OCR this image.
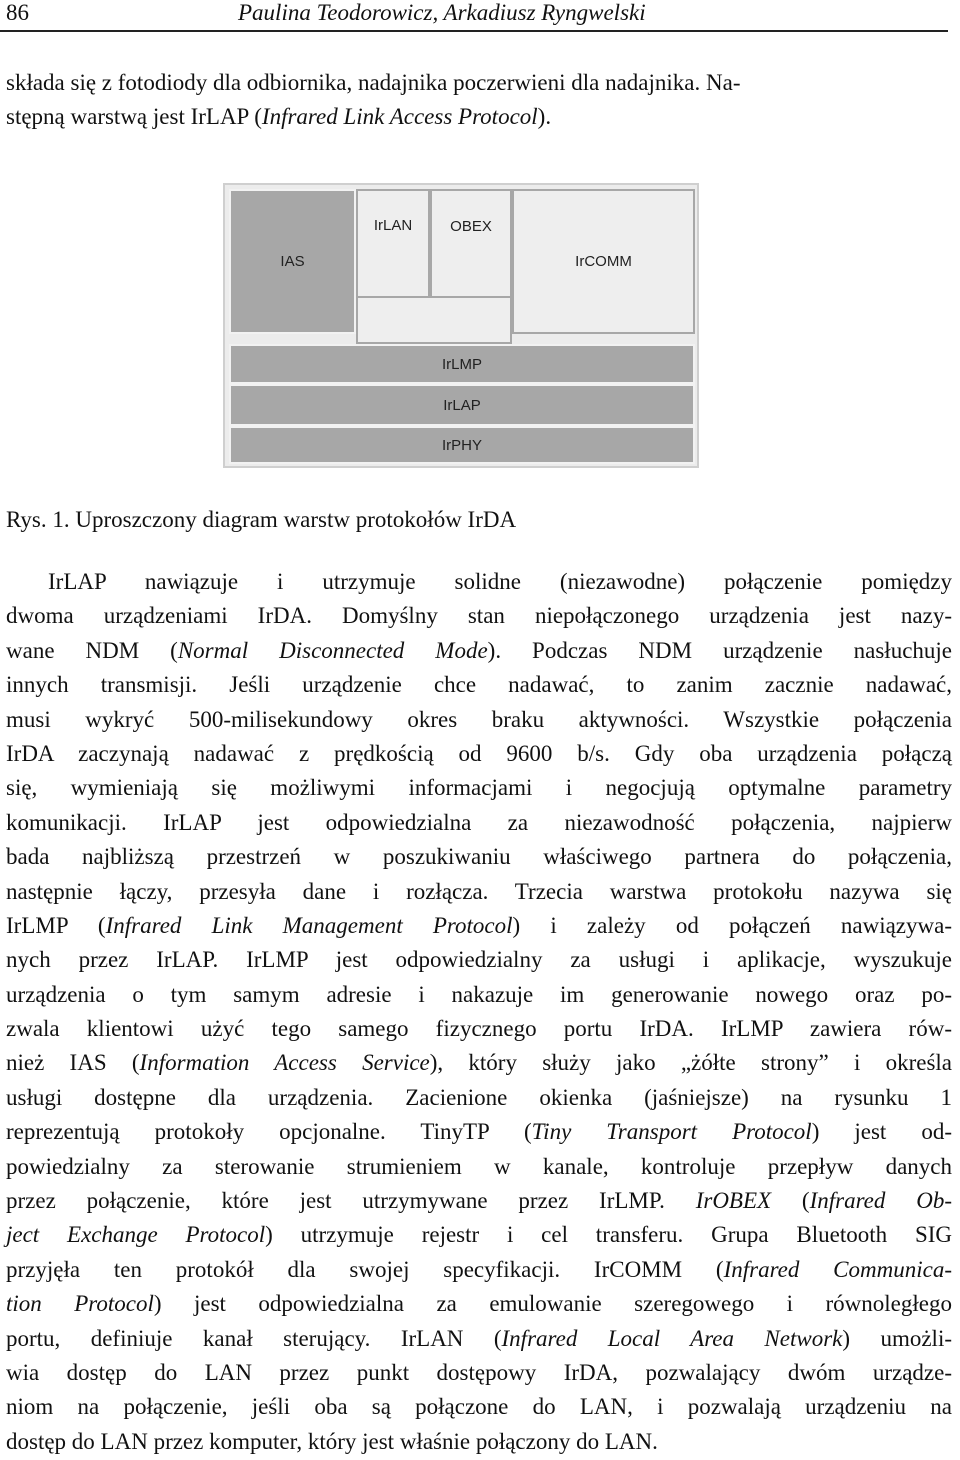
86	Paulina Teodorowicz, Arkadiusz Ryngwelski
składa się z fotodiody dla odbiornika, nadajnika poczerwieni dla nadajnika. Na-
stępną warstwą jest IrLAP (Infrared Link Access Protocol).
IAS
IrLAN	OBEX
IrCOMM
IrLMP
IrLAP
IrPHY
Rys. 1. Uproszczony diagram warstw protokołów IrDA
IrLAP nawiązuje i utrzymuje solidne (niezawodne) połączenie pomiędzy
dwoma urządzeniami IrDA. Domyślny stan niepołączonego urządzenia jest nazy-
wane NDM (Normal Disconnected Mode). Podczas NDM urządzenie nasłuchuje
innych transmisji. Jeśli urządzenie chce nadawać, to zanim zacznie nadawać,
musi wykryć 500-milisekundowy okres braku aktywności. Wszystkie połączenia
IrDA zaczynają nadawać z prędkością od 9600 b/s. Gdy oba urządzenia połączą
się, wymieniają się możliwymi informacjami i negocjują optymalne parametry
komunikacji. IrLAP jest odpowiedzialna za niezawodność połączenia, najpierw
bada najbliższą przestrzeń w poszukiwaniu właściwego partnera do połączenia,
następnie łączy, przesyła dane i rozłącza. Trzecia warstwa protokołu nazywa się
IrLMP (Infrared Link Management Protocol) i zależy od połączeń nawiązywa-
nych przez IrLAP. IrLMP jest odpowiedzialny za usługi i aplikacje, wyszukuje
urządzenia o tym samym adresie i nakazuje im generowanie nowego oraz po-
zwala klientowi użyć tego samego fizycznego portu IrDA. IrLMP zawiera rów-
nież IAS (Information Access Service), który służy jako „żółte strony” i określa
usługi dostępne dla urządzenia. Zacienione okienka (jaśniejsze) na rysunku 1
reprezentują protokoły opcjonalne. TinyTP (Tiny Transport Protocol) jest od-
powiedzialny za sterowanie strumieniem w kanale, kontroluje przepływ danych
przez połączenie, które jest utrzymywane przez IrLMP. IrOBEX (Infrared Ob-
ject Exchange Protocol) utrzymuje rejestr i cel transferu. Grupa Bluetooth SIG
przyjęła ten protokół dla swojej specyfikacji. IrCOMM (Infrared Communica-
tion Protocol) jest odpowiedzialna za emulowanie szeregowego i równoległego
portu, definiuje kanał sterujący. IrLAN (Infrared Local Area Network) umożli-
wia dostęp do LAN przez punkt dostępowy IrDA, pozwalający dwóm urządze-
niom na połączenie, jeśli oba są połączone do LAN, i pozwalają urządzeniu na
dostęp do LAN przez komputer, który jest właśnie połączony do LAN.
